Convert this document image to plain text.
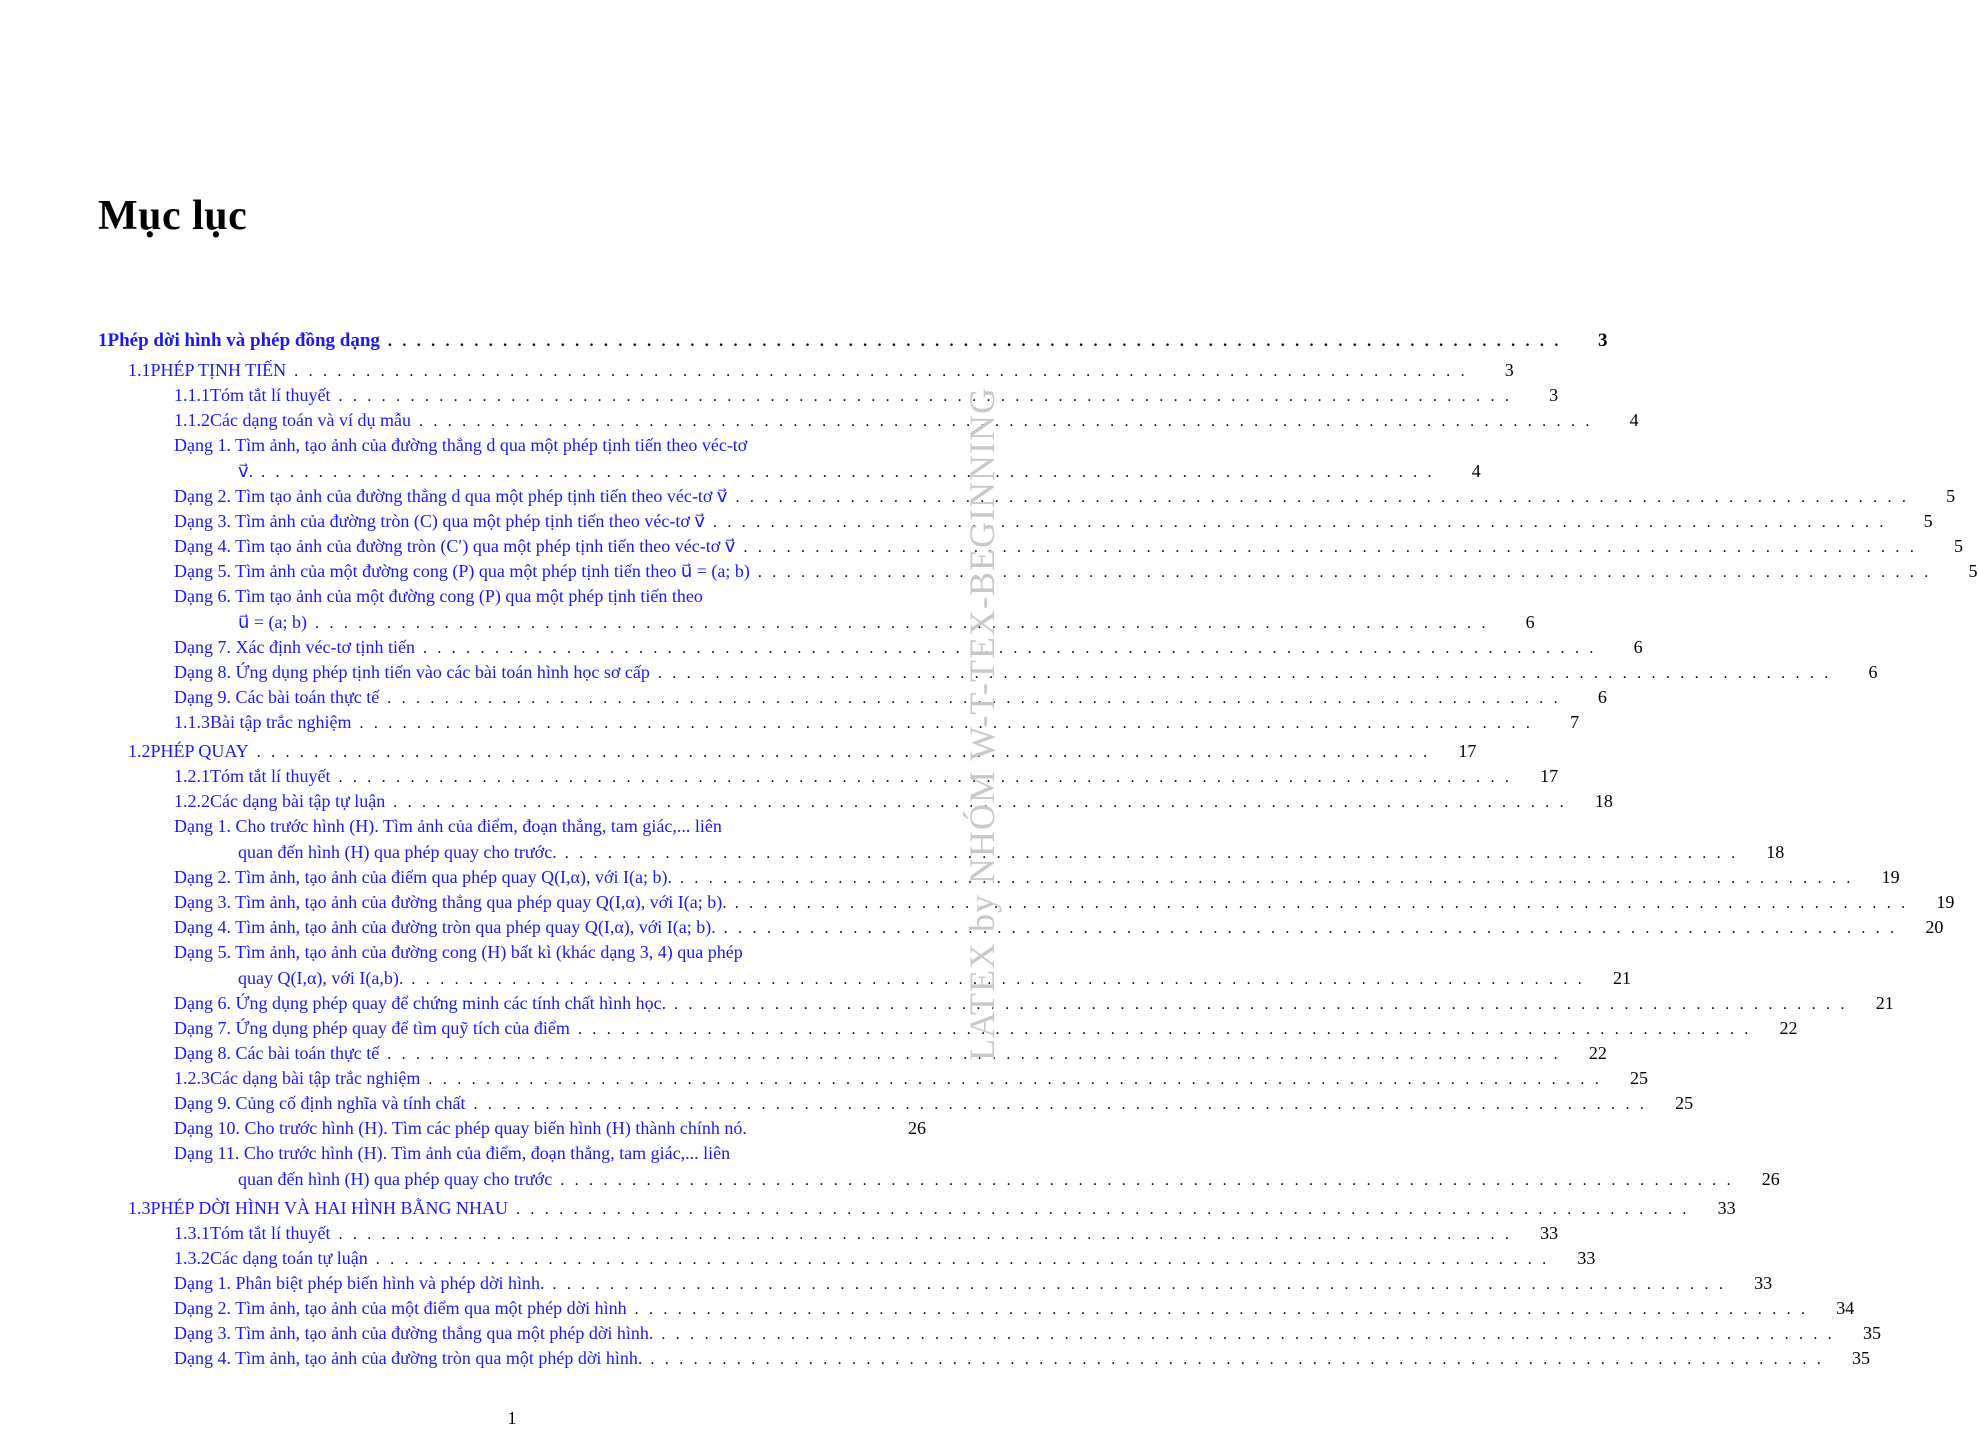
Mục lục
1 Phép dời hình và phép đồng dạng . . . . . . . . . . . . . . . . . . . . . . . . . . . . . . . . . . . . . . . . . . . . . . . . . . . . . . . . . . . . . . . . . . . . . . . . . . . . . . . . . .	3
1.1 PHÉP TỊNH TIẾN . . . . . . . . . . . . . . . . . . . . . . . . . . . . . . . . . . . . . . . . . . . . . . . . . . . . . . . . . . . . . . . . . . . . . . . . . . . . . . . . . .	3
1.1.1 Tóm tắt lí thuyết . . . . . . . . . . . . . . . . . . . . . . . . . . . . . . . . . . . . . . . . . . . . . . . . . . . . . . . . . . . . . . . . . . . . . . . . . . . . . . . . . .	3
1.1.2 Các dạng toán và ví dụ mẫu . . . . . . . . . . . . . . . . . . . . . . . . . . . . . . . . . . . . . . . . . . . . . . . . . . . . . . . . . . . . . . . . . . . . . . . . . . . . . . . . . .	4
Dạng 1. Tìm ảnh, tạo ảnh của đường thẳng d qua một phép tịnh tiến theo véc-tơ
v⃗. . . . . . . . . . . . . . . . . . . . . . . . . . . . . . . . . . . . . . . . . . . . . . . . . . . . . . . . . . . . . . . . . . . . . . . . . . . . . . . . . . .	4
Dạng 2. Tìm tạo ảnh của đường thẳng d qua một phép tịnh tiến theo véc-tơ v⃗ . . . . . . . . . . . . . . . . . . . . . . . . . . . . . . . . . . . . . . . . . . . . . . . . . . . . . . . . . . . . . . . . . . . . . . . . . . . . . . . . . .	5
Dạng 3. Tìm ảnh của đường tròn (C) qua một phép tịnh tiến theo véc-tơ v⃗ . . . . . . . . . . . . . . . . . . . . . . . . . . . . . . . . . . . . . . . . . . . . . . . . . . . . . . . . . . . . . . . . . . . . . . . . . . . . . . . . . .	5
Dạng 4. Tìm tạo ảnh của đường tròn (C′) qua một phép tịnh tiến theo véc-tơ v⃗ . . . . . . . . . . . . . . . . . . . . . . . . . . . . . . . . . . . . . . . . . . . . . . . . . . . . . . . . . . . . . . . . . . . . . . . . . . . . . . . . . .	5
Dạng 5. Tìm ảnh của một đường cong (P) qua một phép tịnh tiến theo u⃗ = (a; b) . . . . . . . . . . . . . . . . . . . . . . . . . . . . . . . . . . . . . . . . . . . . . . . . . . . . . . . . . . . . . . . . . . . . . . . . . . . . . . . . . .	5
Dạng 6. Tìm tạo ảnh của một đường cong (P) qua một phép tịnh tiến theo
u⃗ = (a; b) . . . . . . . . . . . . . . . . . . . . . . . . . . . . . . . . . . . . . . . . . . . . . . . . . . . . . . . . . . . . . . . . . . . . . . . . . . . . . . . . . .	6
Dạng 7. Xác định véc-tơ tịnh tiến . . . . . . . . . . . . . . . . . . . . . . . . . . . . . . . . . . . . . . . . . . . . . . . . . . . . . . . . . . . . . . . . . . . . . . . . . . . . . . . . . .	6
Dạng 8. Ứng dụng phép tịnh tiến vào các bài toán hình học sơ cấp . . . . . . . . . . . . . . . . . . . . . . . . . . . . . . . . . . . . . . . . . . . . . . . . . . . . . . . . . . . . . . . . . . . . . . . . . . . . . . . . . .	6
Dạng 9. Các bài toán thực tế . . . . . . . . . . . . . . . . . . . . . . . . . . . . . . . . . . . . . . . . . . . . . . . . . . . . . . . . . . . . . . . . . . . . . . . . . . . . . . . . . .	6
1.1.3 Bài tập trắc nghiệm . . . . . . . . . . . . . . . . . . . . . . . . . . . . . . . . . . . . . . . . . . . . . . . . . . . . . . . . . . . . . . . . . . . . . . . . . . . . . . . . . .	7
1.2 PHÉP QUAY . . . . . . . . . . . . . . . . . . . . . . . . . . . . . . . . . . . . . . . . . . . . . . . . . . . . . . . . . . . . . . . . . . . . . . . . . . . . . . . . . .	17
1.2.1 Tóm tắt lí thuyết . . . . . . . . . . . . . . . . . . . . . . . . . . . . . . . . . . . . . . . . . . . . . . . . . . . . . . . . . . . . . . . . . . . . . . . . . . . . . . . . . .	17
1.2.2 Các dạng bài tập tự luận . . . . . . . . . . . . . . . . . . . . . . . . . . . . . . . . . . . . . . . . . . . . . . . . . . . . . . . . . . . . . . . . . . . . . . . . . . . . . . . . . .	18
Dạng 1. Cho trước hình (H). Tìm ảnh của điểm, đoạn thẳng, tam giác,... liên
quan đến hình (H) qua phép quay cho trước. . . . . . . . . . . . . . . . . . . . . . . . . . . . . . . . . . . . . . . . . . . . . . . . . . . . . . . . . . . . . . . . . . . . . . . . . . . . . . . . . . .	18
Dạng 2. Tìm ảnh, tạo ảnh của điểm qua phép quay Q(I,α), với I(a; b). . . . . . . . . . . . . . . . . . . . . . . . . . . . . . . . . . . . . . . . . . . . . . . . . . . . . . . . . . . . . . . . . . . . . . . . . . . . . . . . . . .	19
Dạng 3. Tìm ảnh, tạo ảnh của đường thẳng qua phép quay Q(I,α), với I(a; b). . . . . . . . . . . . . . . . . . . . . . . . . . . . . . . . . . . . . . . . . . . . . . . . . . . . . . . . . . . . . . . . . . . . . . . . . . . . . . . . . . .	19
Dạng 4. Tìm ảnh, tạo ảnh của đường tròn qua phép quay Q(I,α), với I(a; b). . . . . . . . . . . . . . . . . . . . . . . . . . . . . . . . . . . . . . . . . . . . . . . . . . . . . . . . . . . . . . . . . . . . . . . . . . . . . . . . . . .	20
Dạng 5. Tìm ảnh, tạo ảnh của đường cong (H) bất kì (khác dạng 3, 4) qua phép
quay Q(I,α), với I(a,b). . . . . . . . . . . . . . . . . . . . . . . . . . . . . . . . . . . . . . . . . . . . . . . . . . . . . . . . . . . . . . . . . . . . . . . . . . . . . . . . . . .	21
Dạng 6. Ứng dụng phép quay để chứng minh các tính chất hình học. . . . . . . . . . . . . . . . . . . . . . . . . . . . . . . . . . . . . . . . . . . . . . . . . . . . . . . . . . . . . . . . . . . . . . . . . . . . . . . . . . .	21
Dạng 7. Ứng dụng phép quay để tìm quỹ tích của điểm . . . . . . . . . . . . . . . . . . . . . . . . . . . . . . . . . . . . . . . . . . . . . . . . . . . . . . . . . . . . . . . . . . . . . . . . . . . . . . . . . .	22
Dạng 8. Các bài toán thực tế . . . . . . . . . . . . . . . . . . . . . . . . . . . . . . . . . . . . . . . . . . . . . . . . . . . . . . . . . . . . . . . . . . . . . . . . . . . . . . . . . .	22
1.2.3 Các dạng bài tập trắc nghiệm . . . . . . . . . . . . . . . . . . . . . . . . . . . . . . . . . . . . . . . . . . . . . . . . . . . . . . . . . . . . . . . . . . . . . . . . . . . . . . . . . .	25
Dạng 9. Củng cố định nghĩa và tính chất . . . . . . . . . . . . . . . . . . . . . . . . . . . . . . . . . . . . . . . . . . . . . . . . . . . . . . . . . . . . . . . . . . . . . . . . . . . . . . . . . .	25
Dạng 10. Cho trước hình (H). Tìm các phép quay biến hình (H) thành chính nó.	26
Dạng 11. Cho trước hình (H). Tìm ảnh của điểm, đoạn thẳng, tam giác,... liên
quan đến hình (H) qua phép quay cho trước . . . . . . . . . . . . . . . . . . . . . . . . . . . . . . . . . . . . . . . . . . . . . . . . . . . . . . . . . . . . . . . . . . . . . . . . . . . . . . . . . .	26
1.3 PHÉP DỜI HÌNH VÀ HAI HÌNH BẰNG NHAU . . . . . . . . . . . . . . . . . . . . . . . . . . . . . . . . . . . . . . . . . . . . . . . . . . . . . . . . . . . . . . . . . . . . . . . . . . . . . . . . . .	33
1.3.1 Tóm tắt lí thuyết . . . . . . . . . . . . . . . . . . . . . . . . . . . . . . . . . . . . . . . . . . . . . . . . . . . . . . . . . . . . . . . . . . . . . . . . . . . . . . . . . .	33
1.3.2 Các dạng toán tự luận . . . . . . . . . . . . . . . . . . . . . . . . . . . . . . . . . . . . . . . . . . . . . . . . . . . . . . . . . . . . . . . . . . . . . . . . . . . . . . . . . .	33
Dạng 1. Phân biệt phép biến hình và phép dời hình. . . . . . . . . . . . . . . . . . . . . . . . . . . . . . . . . . . . . . . . . . . . . . . . . . . . . . . . . . . . . . . . . . . . . . . . . . . . . . . . . . .	33
Dạng 2. Tìm ảnh, tạo ảnh của một điểm qua một phép dời hình . . . . . . . . . . . . . . . . . . . . . . . . . . . . . . . . . . . . . . . . . . . . . . . . . . . . . . . . . . . . . . . . . . . . . . . . . . . . . . . . . .	34
Dạng 3. Tìm ảnh, tạo ảnh của đường thẳng qua một phép dời hình. . . . . . . . . . . . . . . . . . . . . . . . . . . . . . . . . . . . . . . . . . . . . . . . . . . . . . . . . . . . . . . . . . . . . . . . . . . . . . . . . . .	35
Dạng 4. Tìm ảnh, tạo ảnh của đường tròn qua một phép dời hình. . . . . . . . . . . . . . . . . . . . . . . . . . . . . . . . . . . . . . . . . . . . . . . . . . . . . . . . . . . . . . . . . . . . . . . . . . . . . . . . . . .	35
LATEX by NHÓM W-T-TEX-BEGINNING
1
